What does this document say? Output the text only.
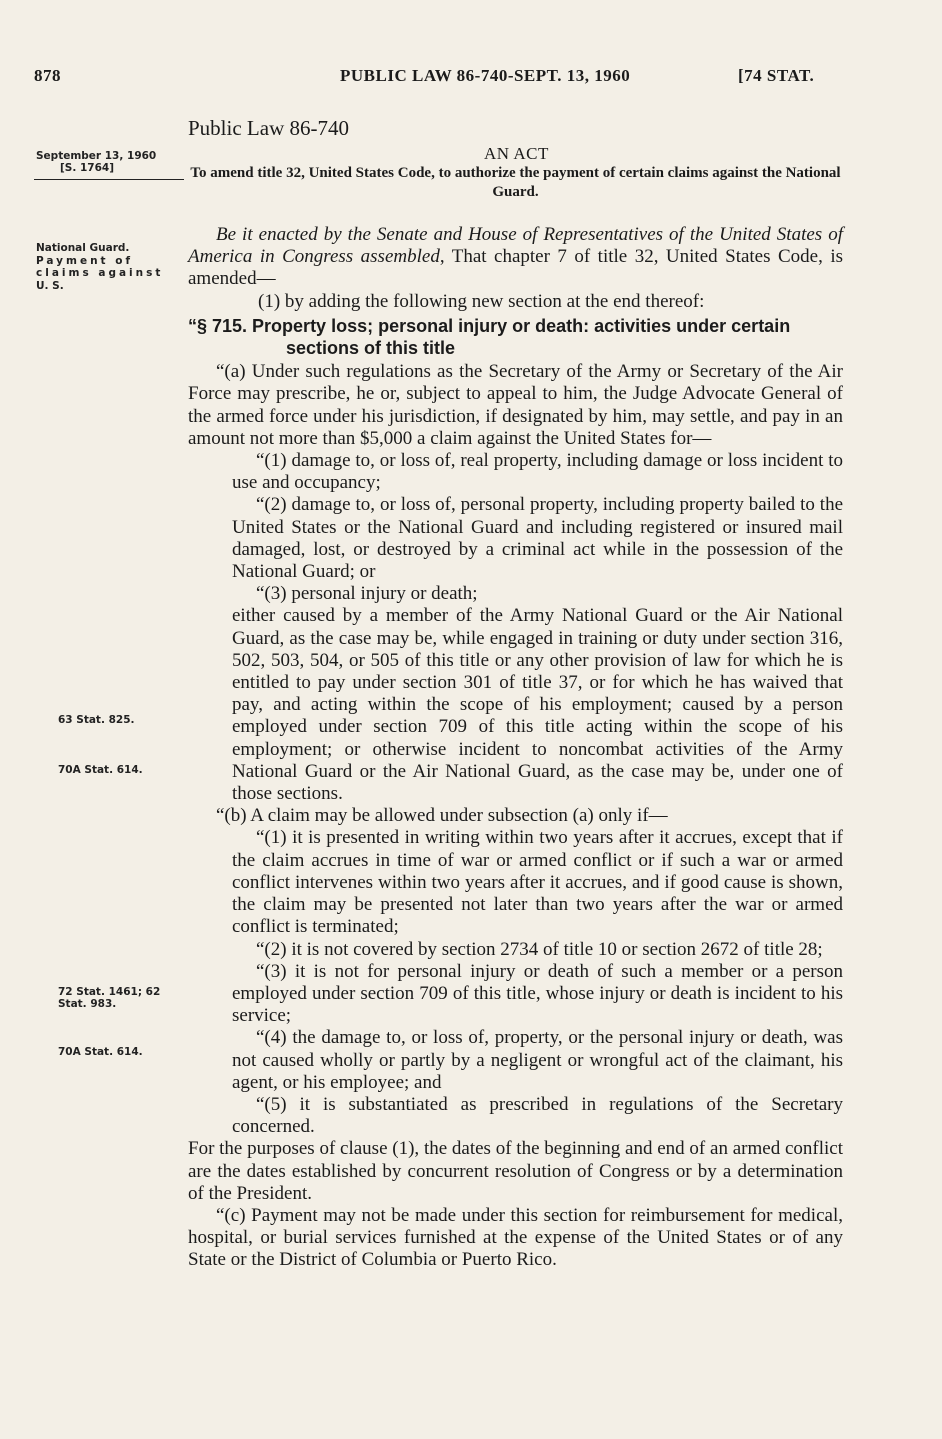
878	PUBLIC LAW 86-740-SEPT. 13, 1960	[74 STAT.
Public Law 86-740
AN ACT
To amend title 32, United States Code, to authorize the payment of certain claims against the National Guard.
September 13, 1960
[S. 1764]
National Guard.
Payment of claims against
U. S.
63 Stat. 825.
70A Stat. 614.
72 Stat. 1461; 62 Stat. 983.
70A Stat. 614.

Be it enacted by the Senate and House of Representatives of the United States of America in Congress assembled, That chapter 7 of title 32, United States Code, is amended—

(1) by adding the following new section at the end thereof:

“§ 715. Property loss; personal injury or death: activities under certain sections of this title

“(a) Under such regulations as the Secretary of the Army or Secretary of the Air Force may prescribe, he or, subject to appeal to him, the Judge Advocate General of the armed force under his jurisdiction, if designated by him, may settle, and pay in an amount not more than $5,000 a claim against the United States for—

“(1) damage to, or loss of, real property, including damage or loss incident to use and occupancy;

“(2) damage to, or loss of, personal property, including property bailed to the United States or the National Guard and including registered or insured mail damaged, lost, or destroyed by a criminal act while in the possession of the National Guard; or

“(3) personal injury or death;

either caused by a member of the Army National Guard or the Air National Guard, as the case may be, while engaged in training or duty under section 316, 502, 503, 504, or 505 of this title or any other provision of law for which he is entitled to pay under section 301 of title 37, or for which he has waived that pay, and acting within the scope of his employment; caused by a person employed under section 709 of this title acting within the scope of his employment; or otherwise incident to noncombat activities of the Army National Guard or the Air National Guard, as the case may be, under one of those sections.

“(b) A claim may be allowed under subsection (a) only if—

“(1) it is presented in writing within two years after it accrues, except that if the claim accrues in time of war or armed conflict or if such a war or armed conflict intervenes within two years after it accrues, and if good cause is shown, the claim may be presented not later than two years after the war or armed conflict is terminated;

“(2) it is not covered by section 2734 of title 10 or section 2672 of title 28;

“(3) it is not for personal injury or death of such a member or a person employed under section 709 of this title, whose injury or death is incident to his service;

“(4) the damage to, or loss of, property, or the personal injury or death, was not caused wholly or partly by a negligent or wrongful act of the claimant, his agent, or his employee; and

“(5) it is substantiated as prescribed in regulations of the Secretary concerned.

For the purposes of clause (1), the dates of the beginning and end of an armed conflict are the dates established by concurrent resolution of Congress or by a determination of the President.

“(c) Payment may not be made under this section for reimbursement for medical, hospital, or burial services furnished at the expense of the United States or of any State or the District of Columbia or Puerto Rico.
